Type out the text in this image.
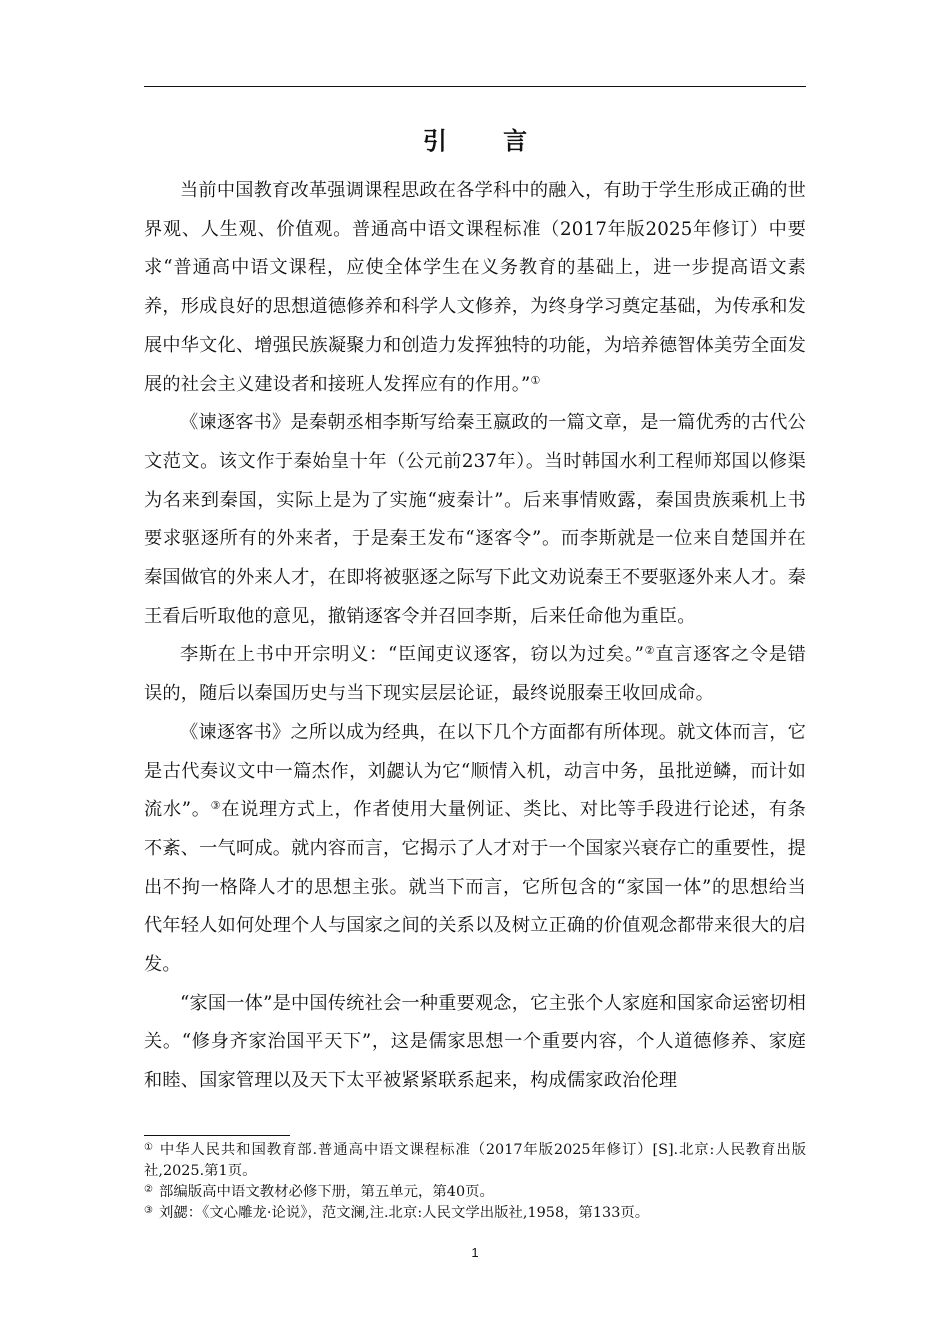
引 言

当前中国教育改革强调课程思政在各学科中的融入，有助于学生形成正确的世界观、人生观、价值观。普通高中语文课程标准（2017年版2025年修订）中要求“普通高中语文课程，应使全体学生在义务教育的基础上，进一步提高语文素养，形成良好的思想道德修养和科学人文修养，为终身学习奠定基础，为传承和发展中华文化、增强民族凝聚力和创造力发挥独特的功能，为培养德智体美劳全面发展的社会主义建设者和接班人发挥应有的作用。”①

《谏逐客书》是秦朝丞相李斯写给秦王嬴政的一篇文章，是一篇优秀的古代公文范文。该文作于秦始皇十年（公元前237年）。当时韩国水利工程师郑国以修渠为名来到秦国，实际上是为了实施“疲秦计”。后来事情败露，秦国贵族乘机上书要求驱逐所有的外来者，于是秦王发布“逐客令”。而李斯就是一位来自楚国并在秦国做官的外来人才，在即将被驱逐之际写下此文劝说秦王不要驱逐外来人才。秦王看后听取他的意见，撤销逐客令并召回李斯，后来任命他为重臣。

李斯在上书中开宗明义：“臣闻吏议逐客，窃以为过矣。”②直言逐客之令是错误的，随后以秦国历史与当下现实层层论证，最终说服秦王收回成命。

《谏逐客书》之所以成为经典，在以下几个方面都有所体现。就文体而言，它是古代奏议文中一篇杰作，刘勰认为它“顺情入机，动言中务，虽批逆鳞，而计如流水”。③在说理方式上，作者使用大量例证、类比、对比等手段进行论述，有条不紊、一气呵成。就内容而言，它揭示了人才对于一个国家兴衰存亡的重要性，提出不拘一格降人才的思想主张。就当下而言，它所包含的“家国一体”的思想给当代年轻人如何处理个人与国家之间的关系以及树立正确的价值观念都带来很大的启发。

“家国一体”是中国传统社会一种重要观念，它主张个人家庭和国家命运密切相关。“修身齐家治国平天下”，这是儒家思想一个重要内容，个人道德修养、家庭和睦、国家管理以及天下太平被紧紧联系起来，构成儒家政治伦理

① 中华人民共和国教育部.普通高中语文课程标准（2017年版2025年修订）[S].北京:人民教育出版社,2025.第1页。

② 部编版高中语文教材必修下册，第五单元，第40页。

③ 刘勰：《文心雕龙·论说》，范文澜,注.北京:人民文学出版社,1958，第133页。

1
